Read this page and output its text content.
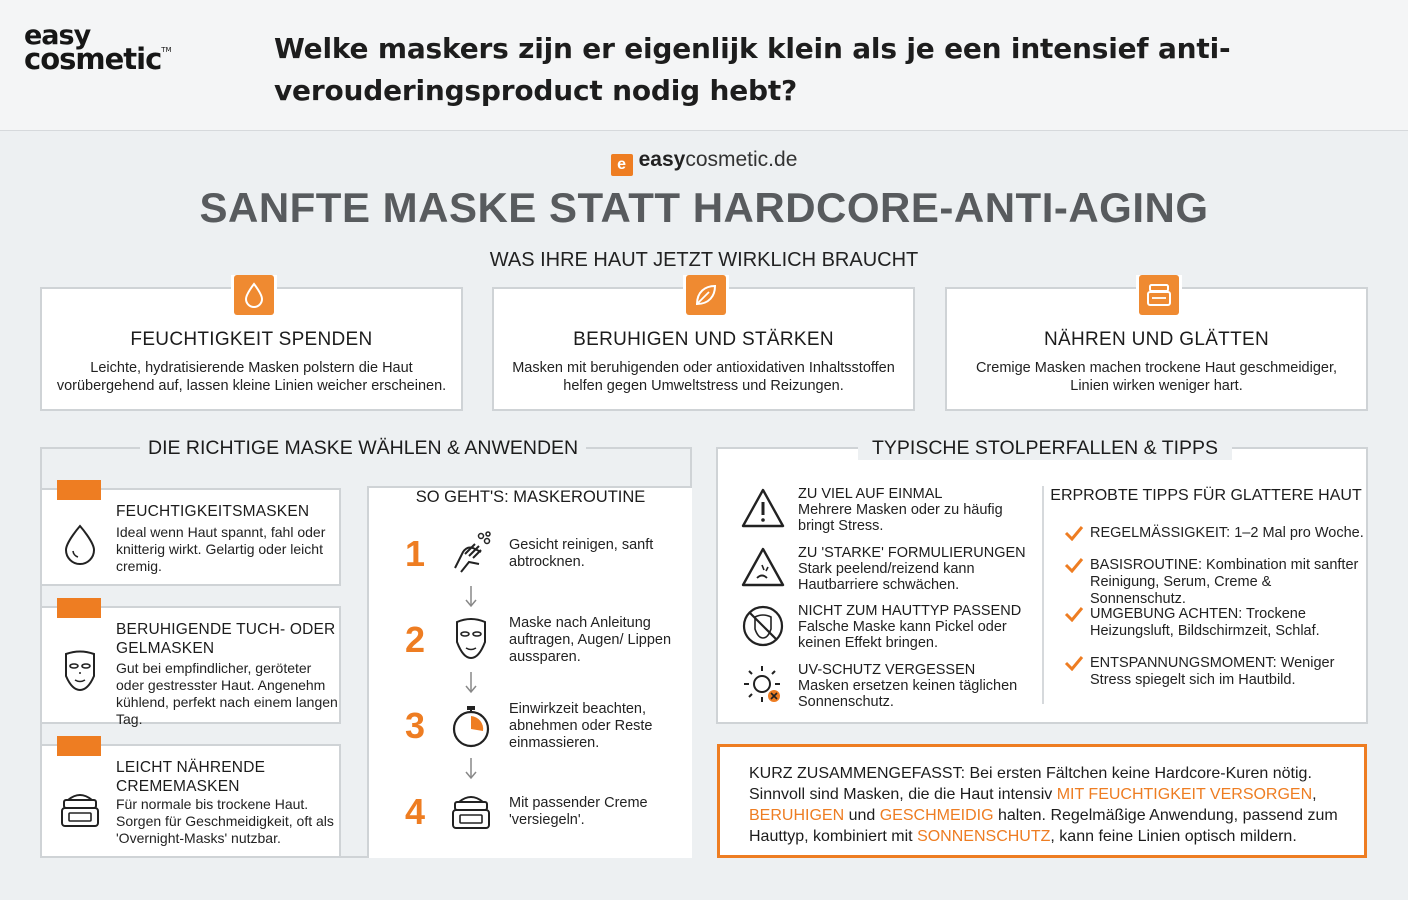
easy
cosmetic™	Welke maskers zijn er eigenlijk klein als je een intensief anti-verouderingsproduct nodig hebt?
e easycosmetic.de
SANFTE MASKE STATT HARDCORE-ANTI-AGING
WAS IHRE HAUT JETZT WIRKLICH BRAUCHT
FEUCHTIGKEIT SPENDEN

Leichte, hydratisierende Masken polstern die Haut vorübergehend auf, lassen kleine Linien weicher erscheinen.

BERUHIGEN UND STÄRKEN

Masken mit beruhigenden oder antioxidativen Inhaltsstoffen helfen gegen Umweltstress und Reizungen.

NÄHREN UND GLÄTTEN

Cremige Masken machen trockene Haut geschmeidiger, Linien wirken weniger hart.

DIE RICHTIGE MASKE WÄHLEN & ANWENDEN
FEUCHTIGKEITSMASKEN

Ideal wenn Haut spannt, fahl oder knitterig wirkt. Gelartig oder leicht cremig.

BERUHIGENDE TUCH- ODER GELMASKEN

Gut bei empfindlicher, geröteter oder gestresster Haut. Angenehm kühlend, perfekt nach einem langen Tag.

LEICHT NÄHRENDE CREMEMASKEN

Für normale bis trockene Haut. Sorgen für Geschmeidigkeit, oft als 'Overnight-Masks' nutzbar.

SO GEHT'S: MASKEROUTINE
1	Gesicht reinigen, sanft abtrocknen.
2	Maske nach Anleitung auftragen, Augen/ Lippen aussparen.
3	Einwirkzeit beachten, abnehmen oder Reste einmassieren.
4	Mit passender Creme 'versiegeln'.
TYPISCHE STOLPERFALLEN & TIPPS
ZU VIEL AUF EINMAL

Mehrere Masken oder zu häufig bringt Stress.

ZU 'STARKE' FORMULIERUNGEN

Stark peelend/reizend kann Hautbarriere schwächen.

NICHT ZUM HAUTTYP PASSEND

Falsche Maske kann Pickel oder keinen Effekt bringen.

UV-SCHUTZ VERGESSEN

Masken ersetzen keinen täglichen Sonnenschutz.

ERPROBTE TIPPS FÜR GLATTERE HAUT
REGELMÄSSIGKEIT: 1–2 Mal pro Woche.
BASISROUTINE: Kombination mit sanfter Reinigung, Serum, Creme & Sonnenschutz.
UMGEBUNG ACHTEN: Trockene Heizungsluft, Bildschirmzeit, Schlaf.
ENTSPANNUNGSMOMENT: Weniger Stress spiegelt sich im Hautbild.
KURZ ZUSAMMENGEFASST: Bei ersten Fältchen keine Hardcore-Kuren nötig. Sinnvoll sind Masken, die die Haut intensiv MIT FEUCHTIGKEIT VERSORGEN, BERUHIGEN und GESCHMEIDIG halten. Regelmäßige Anwendung, passend zum Hauttyp, kombiniert mit SONNENSCHUTZ, kann feine Linien optisch mildern.
